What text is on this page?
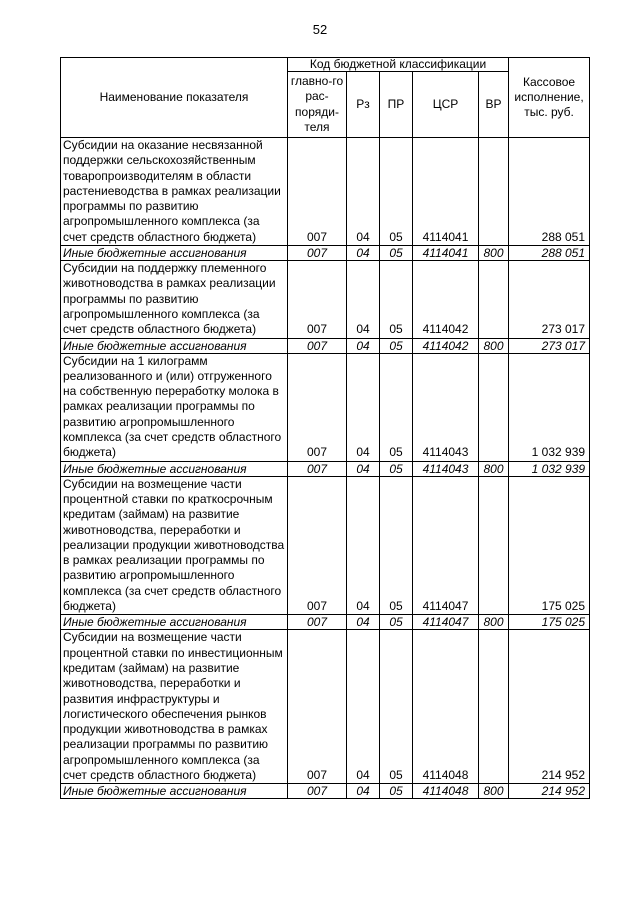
52
Наименование показателя	Код бюджетной классификации					Кассовое исполнение, тыс. руб.
	главно-го рас-поряди-теля	Рз	ПР	ЦСР	ВР	
Субсидии на оказание несвязанной поддержки сельскохозяйственным товаропроизводителям в области растениеводства в рамках реализации программы по развитию агропромышленного комплекса (за счет средств областного бюджета)	007	04	05	4114041		288 051
Иные бюджетные ассигнования	007	04	05	4114041	800	288 051
Субсидии на поддержку племенного животноводства в рамках реализации программы по развитию агропромышленного комплекса (за счет средств областного бюджета)	007	04	05	4114042		273 017
Иные бюджетные ассигнования	007	04	05	4114042	800	273 017
Субсидии на 1 килограмм реализованного и (или) отгруженного на собственную переработку молока в рамках реализации программы по развитию агропромышленного комплекса (за счет средств областного бюджета)	007	04	05	4114043		1 032 939
Иные бюджетные ассигнования	007	04	05	4114043	800	1 032 939
Субсидии на возмещение части процентной ставки по краткосрочным кредитам (займам) на развитие животноводства, переработки и реализации продукции животноводства в рамках реализации программы по развитию агропромышленного комплекса (за счет средств областного бюджета)	007	04	05	4114047		175 025
Иные бюджетные ассигнования	007	04	05	4114047	800	175 025
Субсидии на возмещение части процентной ставки по инвестиционным кредитам (займам) на развитие животноводства, переработки и развития инфраструктуры и логистического обеспечения рынков продукции животноводства в рамках реализации программы по развитию агропромышленного комплекса (за счет средств областного бюджета)	007	04	05	4114048		214 952
Иные бюджетные ассигнования	007	04	05	4114048	800	214 952
